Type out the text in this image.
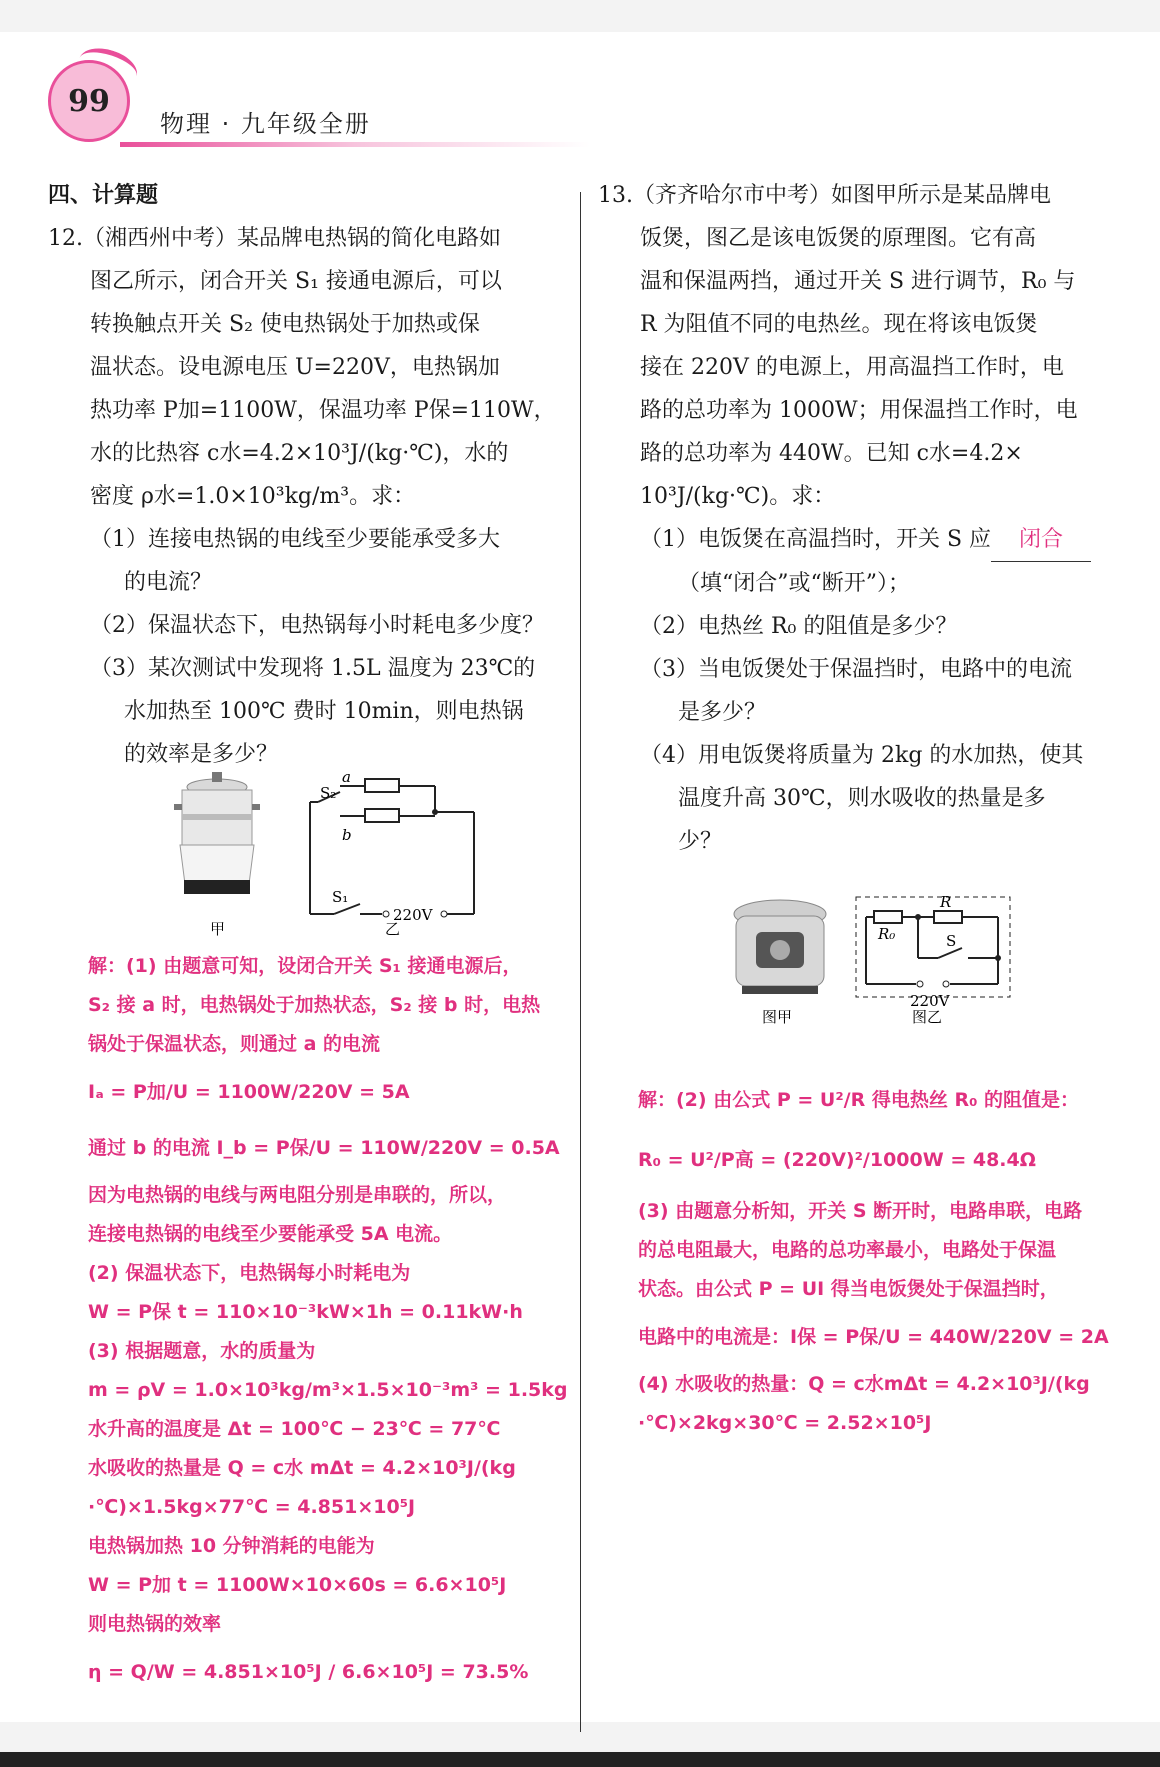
99
物理 · 九年级全册

四、计算题

12.（湘西州中考）某品牌电热锅的简化电路如

图乙所示，闭合开关 S₁ 接通电源后，可以

转换触点开关 S₂ 使电热锅处于加热或保

温状态。设电源电压 U=220V，电热锅加

热功率 P加=1100W，保温功率 P保=110W，

水的比热容 c水=4.2×10³J/(kg·℃)，水的

密度 ρ水=1.0×10³kg/m³。求：

（1）连接电热锅的电线至少要能承受多大

的电流？

（2）保温状态下，电热锅每小时耗电多少度？

（3）某次测试中发现将 1.5L 温度为 23℃的

水加热至 100℃ 费时 10min，则电热锅

的效率是多少？

S₂
a
b
S₁
220V
甲	乙

解：(1) 由题意可知，设闭合开关 S₁ 接通电源后，

S₂ 接 a 时，电热锅处于加热状态，S₂ 接 b 时，电热

锅处于保温状态，则通过 a 的电流

Iₐ = P加/U = 1100W/220V = 5A

通过 b 的电流 I_b = P保/U = 110W/220V = 0.5A

因为电热锅的电线与两电阻分别是串联的，所以，

连接电热锅的电线至少要能承受 5A 电流。

(2) 保温状态下，电热锅每小时耗电为

W = P保 t = 110×10⁻³kW×1h = 0.11kW·h

(3) 根据题意，水的质量为

m = ρV = 1.0×10³kg/m³×1.5×10⁻³m³ = 1.5kg

水升高的温度是 Δt = 100℃ − 23℃ = 77℃

水吸收的热量是 Q = c水 mΔt = 4.2×10³J/(kg

·℃)×1.5kg×77℃ = 4.851×10⁵J

电热锅加热 10 分钟消耗的电能为

W = P加 t = 1100W×10×60s = 6.6×10⁵J

则电热锅的效率

η = Q/W = 4.851×10⁵J / 6.6×10⁵J = 73.5%

13.（齐齐哈尔市中考）如图甲所示是某品牌电

饭煲，图乙是该电饭煲的原理图。它有高

温和保温两挡，通过开关 S 进行调节，R₀ 与

R 为阻值不同的电热丝。现在将该电饭煲

接在 220V 的电源上，用高温挡工作时，电

路的总功率为 1000W；用保温挡工作时，电

路的总功率为 440W。已知 c水=4.2×

10³J/(kg·℃)。求：

（1）电饭煲在高温挡时，开关 S 应 闭合

（填“闭合”或“断开”）；

（2）电热丝 R₀ 的阻值是多少？

（3）当电饭煲处于保温挡时，电路中的电流

是多少？

（4）用电饭煲将质量为 2kg 的水加热，使其

温度升高 30℃，则水吸收的热量是多

少？

R
R₀	S
220V
图甲	图乙

解：(2) 由公式 P = U²/R 得电热丝 R₀ 的阻值是：

R₀ = U²/P高 = (220V)²/1000W = 48.4Ω

(3) 由题意分析知，开关 S 断开时，电路串联，电路

的总电阻最大，电路的总功率最小，电路处于保温

状态。由公式 P = UI 得当电饭煲处于保温挡时，

电路中的电流是：I保 = P保/U = 440W/220V = 2A

(4) 水吸收的热量：Q = c水mΔt = 4.2×10³J/(kg

·℃)×2kg×30℃ = 2.52×10⁵J
